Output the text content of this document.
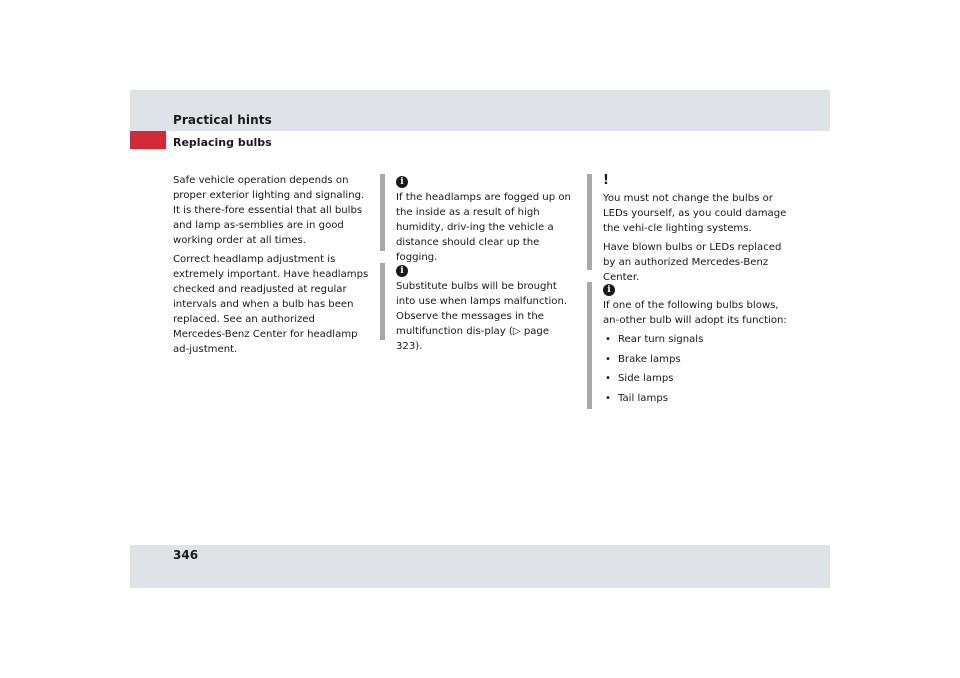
Practical hints
Replacing bulbs

Safe vehicle operation depends on proper exterior lighting and signaling. It is there-fore essential that all bulbs and lamp as-semblies are in good working order at all times.

Correct headlamp adjustment is extremely important. Have headlamps checked and readjusted at regular intervals and when a bulb has been replaced. See an authorized Mercedes-Benz Center for headlamp ad-justment.

i

If the headlamps are fogged up on the inside as a result of high humidity, driv-ing the vehicle a distance should clear up the fogging.

i

Substitute bulbs will be brought into use when lamps malfunction. Observe the messages in the multifunction dis-play (▷ page 323).

!

You must not change the bulbs or LEDs yourself, as you could damage the vehi-cle lighting systems.

Have blown bulbs or LEDs replaced by an authorized Mercedes-Benz Center.

i

If one of the following bulbs blows, an-other bulb will adopt its function:

• Rear turn signals
• Brake lamps
• Side lamps
• Tail lamps
346
